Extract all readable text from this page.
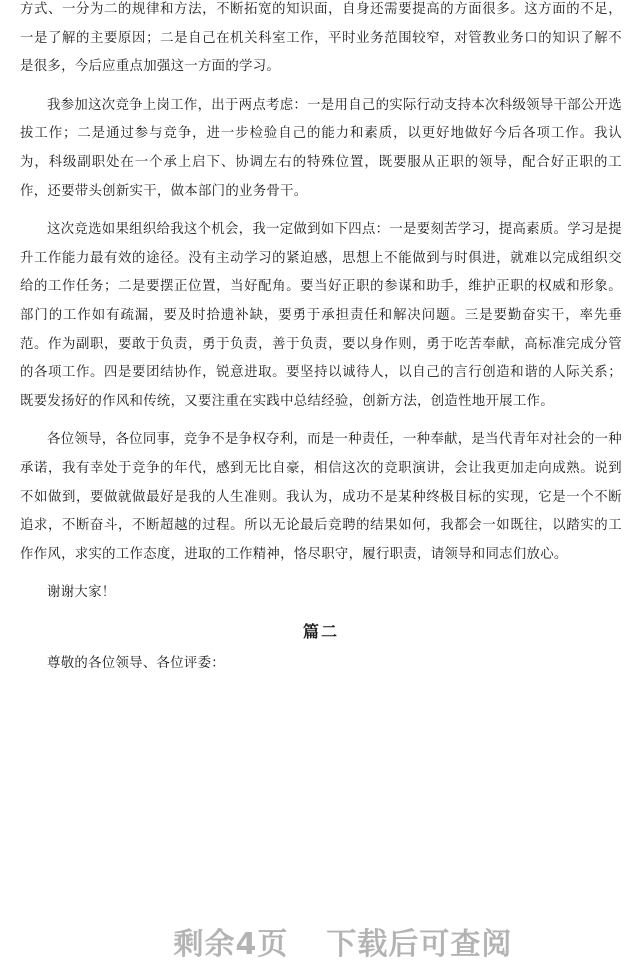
方式、一分为二的规律和方法，不断拓宽的知识面，自身还需要提高的方面很多。这方面的不足，一是了解的主要原因；二是自己在机关科室工作，平时业务范围较窄，对管教业务口的知识了解不是很多，今后应重点加强这一方面的学习。

我参加这次竞争上岗工作，出于两点考虑：一是用自己的实际行动支持本次科级领导干部公开选拔工作；二是通过参与竞争，进一步检验自己的能力和素质，以更好地做好今后各项工作。我认为，科级副职处在一个承上启下、协调左右的特殊位置，既要服从正职的领导，配合好正职的工作，还要带头创新实干，做本部门的业务骨干。

这次竞选如果组织给我这个机会，我一定做到如下四点：一是要刻苦学习，提高素质。学习是提升工作能力最有效的途径。没有主动学习的紧迫感，思想上不能做到与时俱进，就难以完成组织交给的工作任务；二是要摆正位置，当好配角。要当好正职的参谋和助手，维护正职的权威和形象。部门的工作如有疏漏，要及时拾遗补缺，要勇于承担责任和解决问题。三是要勤奋实干，率先垂范。作为副职，要敢于负责，勇于负责，善于负责，要以身作则，勇于吃苦奉献，高标准完成分管的各项工作。四是要团结协作，锐意进取。要坚持以诚待人，以自己的言行创造和谐的人际关系；既要发扬好的作风和传统，又要注重在实践中总结经验，创新方法，创造性地开展工作。

各位领导，各位同事，竞争不是争权夺利，而是一种责任，一种奉献，是当代青年对社会的一种承诺，我有幸处于竞争的年代，感到无比自豪，相信这次的竞职演讲，会让我更加走向成熟。说到不如做到，要做就做最好是我的人生准则。我认为，成功不是某种终极目标的实现，它是一个不断追求，不断奋斗，不断超越的过程。所以无论最后竞聘的结果如何，我都会一如既往，以踏实的工作作风，求实的工作态度，进取的工作精神，恪尽职守，履行职责，请领导和同志们放心。

谢谢大家！

篇二

尊敬的各位领导、各位评委：

剩余4页 下载后可查阅
